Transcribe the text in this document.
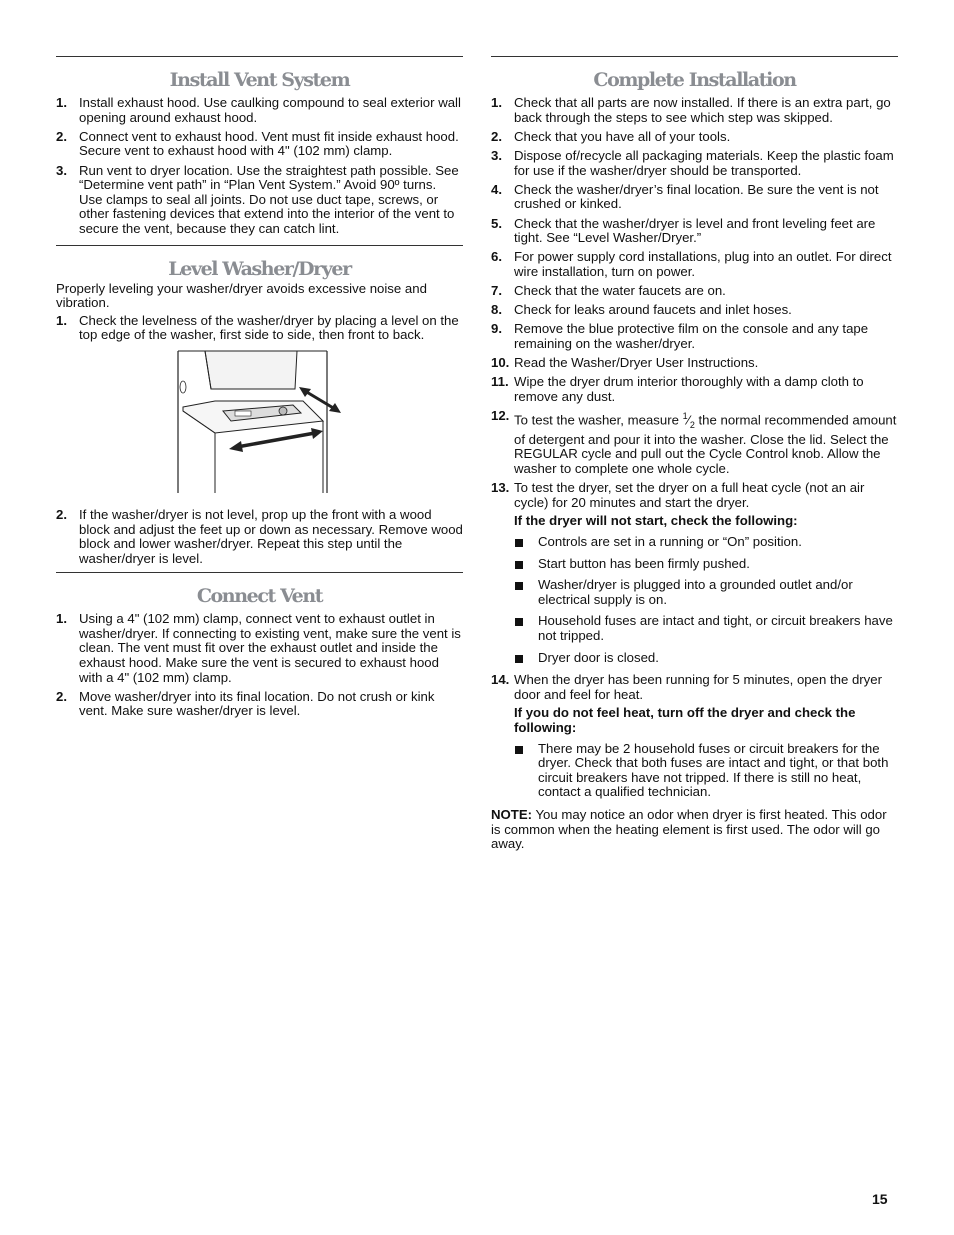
Install Vent System
1. Install exhaust hood. Use caulking compound to seal exterior wall opening around exhaust hood.
2. Connect vent to exhaust hood. Vent must fit inside exhaust hood. Secure vent to exhaust hood with 4" (102 mm) clamp.
3. Run vent to dryer location. Use the straightest path possible. See “Determine vent path” in “Plan Vent System.” Avoid 90º turns. Use clamps to seal all joints. Do not use duct tape, screws, or other fastening devices that extend into the interior of the vent to secure the vent, because they can catch lint.
Level Washer/Dryer

Properly leveling your washer/dryer avoids excessive noise and vibration.

1. Check the levelness of the washer/dryer by placing a level on the top edge of the washer, first side to side, then front to back.
2. If the washer/dryer is not level, prop up the front with a wood block and adjust the feet up or down as necessary. Remove wood block and lower washer/dryer. Repeat this step until the washer/dryer is level.
Connect Vent
1. Using a 4" (102 mm) clamp, connect vent to exhaust outlet in washer/dryer. If connecting to existing vent, make sure the vent is clean. The vent must fit over the exhaust outlet and inside the exhaust hood. Make sure the vent is secured to exhaust hood with a 4" (102 mm) clamp.
2. Move washer/dryer into its final location. Do not crush or kink vent. Make sure washer/dryer is level.
Complete Installation
1. Check that all parts are now installed. If there is an extra part, go back through the steps to see which step was skipped.
2. Check that you have all of your tools.
3. Dispose of/recycle all packaging materials. Keep the plastic foam for use if the washer/dryer should be transported.
4. Check the washer/dryer’s final location. Be sure the vent is not crushed or kinked.
5. Check that the washer/dryer is level and front leveling feet are tight. See “Level Washer/Dryer.”
6. For power supply cord installations, plug into an outlet. For direct wire installation, turn on power.
7. Check that the water faucets are on.
8. Check for leaks around faucets and inlet hoses.
9. Remove the blue protective film on the console and any tape remaining on the washer/dryer.
10. Read the Washer/Dryer User Instructions.
11. Wipe the dryer drum interior thoroughly with a damp cloth to remove any dust.
12. To test the washer, measure $^1⁄_2$ the normal recommended amount of detergent and pour it into the washer. Close the lid. Select the REGULAR cycle and pull out the Cycle Control knob. Allow the washer to complete one whole cycle.
13. To test the dryer, set the dryer on a full heat cycle (not an air cycle) for 20 minutes and start the dryer.

If the dryer will not start, check the following:

Controls are set in a running or “On” position.
Start button has been firmly pushed.
Washer/dryer is plugged into a grounded outlet and/or electrical supply is on.
Household fuses are intact and tight, or circuit breakers have not tripped.
Dryer door is closed.
14. When the dryer has been running for 5 minutes, open the dryer door and feel for heat.

If you do not feel heat, turn off the dryer and check the following:

There may be 2 household fuses or circuit breakers for the dryer. Check that both fuses are intact and tight, or that both circuit breakers have not tripped. If there is still no heat, contact a qualified technician.

NOTE: You may notice an odor when dryer is first heated. This odor is common when the heating element is first used. The odor will go away.

15
